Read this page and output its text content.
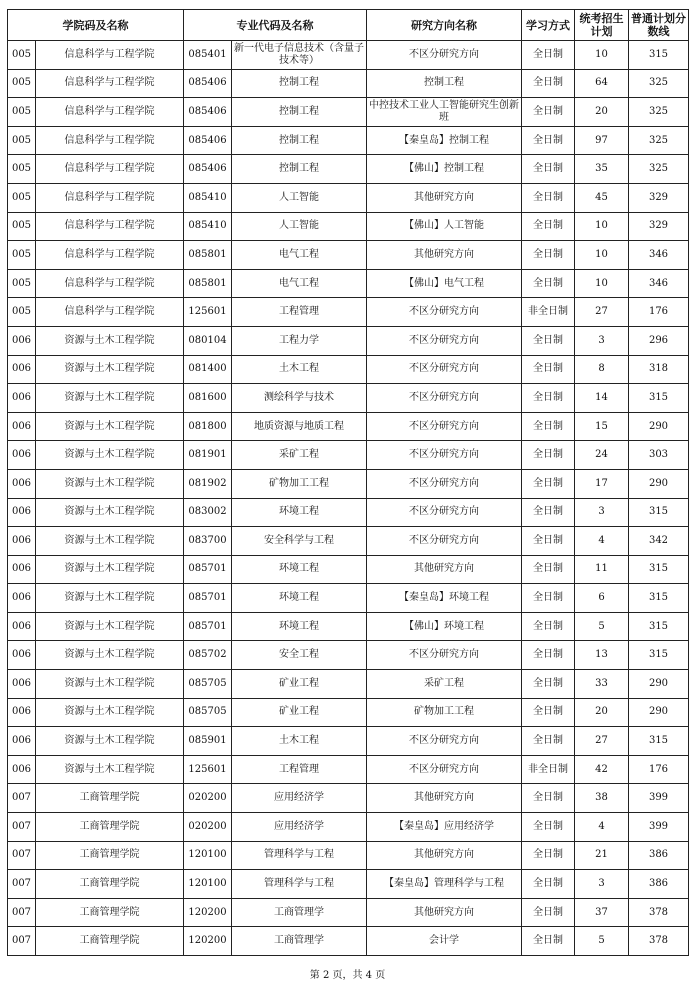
学院码及名称		专业代码及名称		研究方向名称	学习方式	统考招生计划	普通计划分数线
005	信息科学与工程学院	085401	新一代电子信息技术（含量子技术等）	不区分研究方向	全日制	10	315
005	信息科学与工程学院	085406	控制工程	控制工程	全日制	64	325
005	信息科学与工程学院	085406	控制工程	中控技术工业人工智能研究生创新班	全日制	20	325
005	信息科学与工程学院	085406	控制工程	【秦皇岛】控制工程	全日制	97	325
005	信息科学与工程学院	085406	控制工程	【佛山】控制工程	全日制	35	325
005	信息科学与工程学院	085410	人工智能	其他研究方向	全日制	45	329
005	信息科学与工程学院	085410	人工智能	【佛山】人工智能	全日制	10	329
005	信息科学与工程学院	085801	电气工程	其他研究方向	全日制	10	346
005	信息科学与工程学院	085801	电气工程	【佛山】电气工程	全日制	10	346
005	信息科学与工程学院	125601	工程管理	不区分研究方向	非全日制	27	176
006	资源与土木工程学院	080104	工程力学	不区分研究方向	全日制	3	296
006	资源与土木工程学院	081400	土木工程	不区分研究方向	全日制	8	318
006	资源与土木工程学院	081600	测绘科学与技术	不区分研究方向	全日制	14	315
006	资源与土木工程学院	081800	地质资源与地质工程	不区分研究方向	全日制	15	290
006	资源与土木工程学院	081901	采矿工程	不区分研究方向	全日制	24	303
006	资源与土木工程学院	081902	矿物加工工程	不区分研究方向	全日制	17	290
006	资源与土木工程学院	083002	环境工程	不区分研究方向	全日制	3	315
006	资源与土木工程学院	083700	安全科学与工程	不区分研究方向	全日制	4	342
006	资源与土木工程学院	085701	环境工程	其他研究方向	全日制	11	315
006	资源与土木工程学院	085701	环境工程	【秦皇岛】环境工程	全日制	6	315
006	资源与土木工程学院	085701	环境工程	【佛山】环境工程	全日制	5	315
006	资源与土木工程学院	085702	安全工程	不区分研究方向	全日制	13	315
006	资源与土木工程学院	085705	矿业工程	采矿工程	全日制	33	290
006	资源与土木工程学院	085705	矿业工程	矿物加工工程	全日制	20	290
006	资源与土木工程学院	085901	土木工程	不区分研究方向	全日制	27	315
006	资源与土木工程学院	125601	工程管理	不区分研究方向	非全日制	42	176
007	工商管理学院	020200	应用经济学	其他研究方向	全日制	38	399
007	工商管理学院	020200	应用经济学	【秦皇岛】应用经济学	全日制	4	399
007	工商管理学院	120100	管理科学与工程	其他研究方向	全日制	21	386
007	工商管理学院	120100	管理科学与工程	【秦皇岛】管理科学与工程	全日制	3	386
007	工商管理学院	120200	工商管理学	其他研究方向	全日制	37	378
007	工商管理学院	120200	工商管理学	会计学	全日制	5	378
第 2 页，共 4 页
